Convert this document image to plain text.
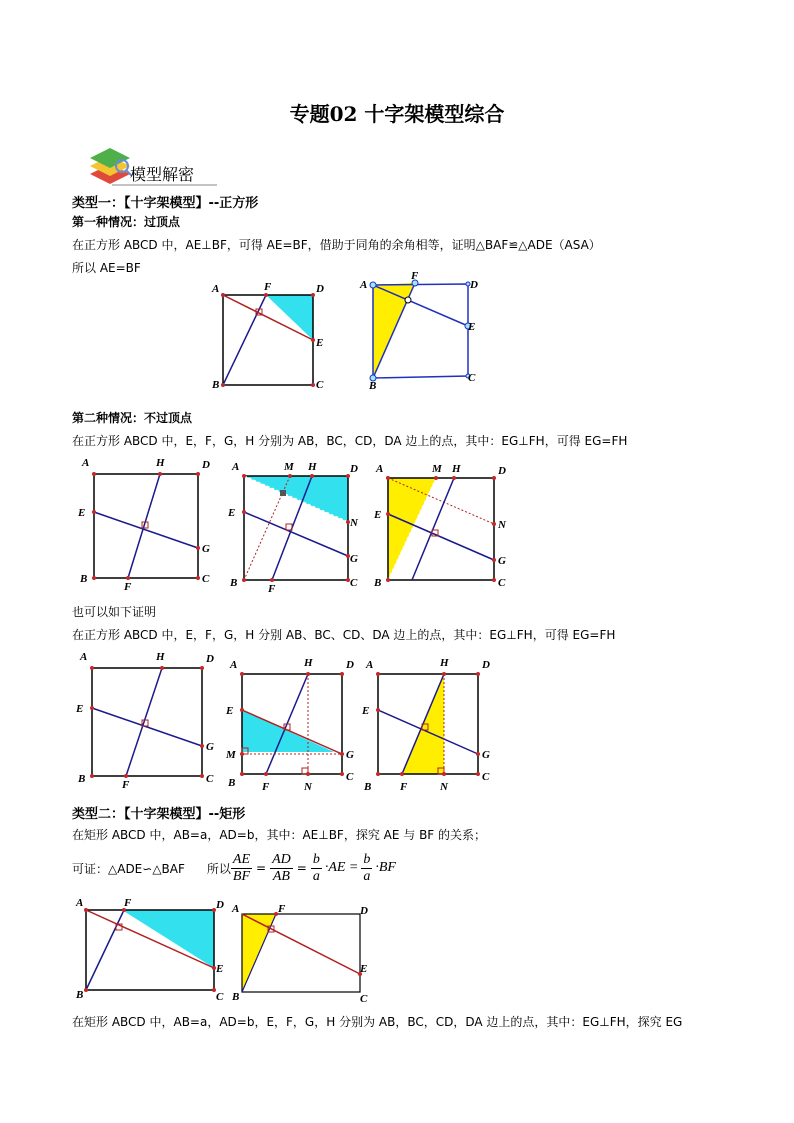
专题02 十字架模型综合
模型解密
类型一：【十字架模型】--正方形
第一种情况：过顶点
在正方形 ABCD 中，AE⊥BF，可得 AE=BF，借助于同角的余角相等，证明△BAF≌△ADE（ASA）
所以 AE=BF
A	F	D
E
B	C
A
F
D
E
B
C
第二种情况：不过顶点
在正方形 ABCD 中，E，F，G，H 分别为 AB，BC，CD，DA 边上的点，其中：EG⊥FH，可得 EG=FH
A	H	D
E
G
B
F
C
A	M H	D
E
N
G
B	F	C
A	M H	D
E
N
G
B	C
也可以如下证明
在正方形 ABCD 中，E，F，G，H 分别 AB、BC、CD、DA 边上的点，其中：EG⊥FH，可得 EG=FH
A	H	D
E
G
B	F	C
A	H	D
E
M	G
B F	N
C
A	H	D
E
G
B	F	N
C
类型二：【十字架模型】--矩形
在矩形 ABCD 中，AB=a，AD=b，其中：AE⊥BF，探究 AE 与 BF 的关系；
可证：△ADE∽△BAF 所以 $\frac{AE}{BF} = \frac{AD}{AB} = \frac{b}{a} \cdot AE = \frac{b}{a} \cdot BF$
A	F	D
E
B	C
A	F	D
E
B	C
在矩形 ABCD 中，AB=a，AD=b，E，F，G，H 分别为 AB，BC，CD，DA 边上的点，其中：EG⊥FH，探究 EG
